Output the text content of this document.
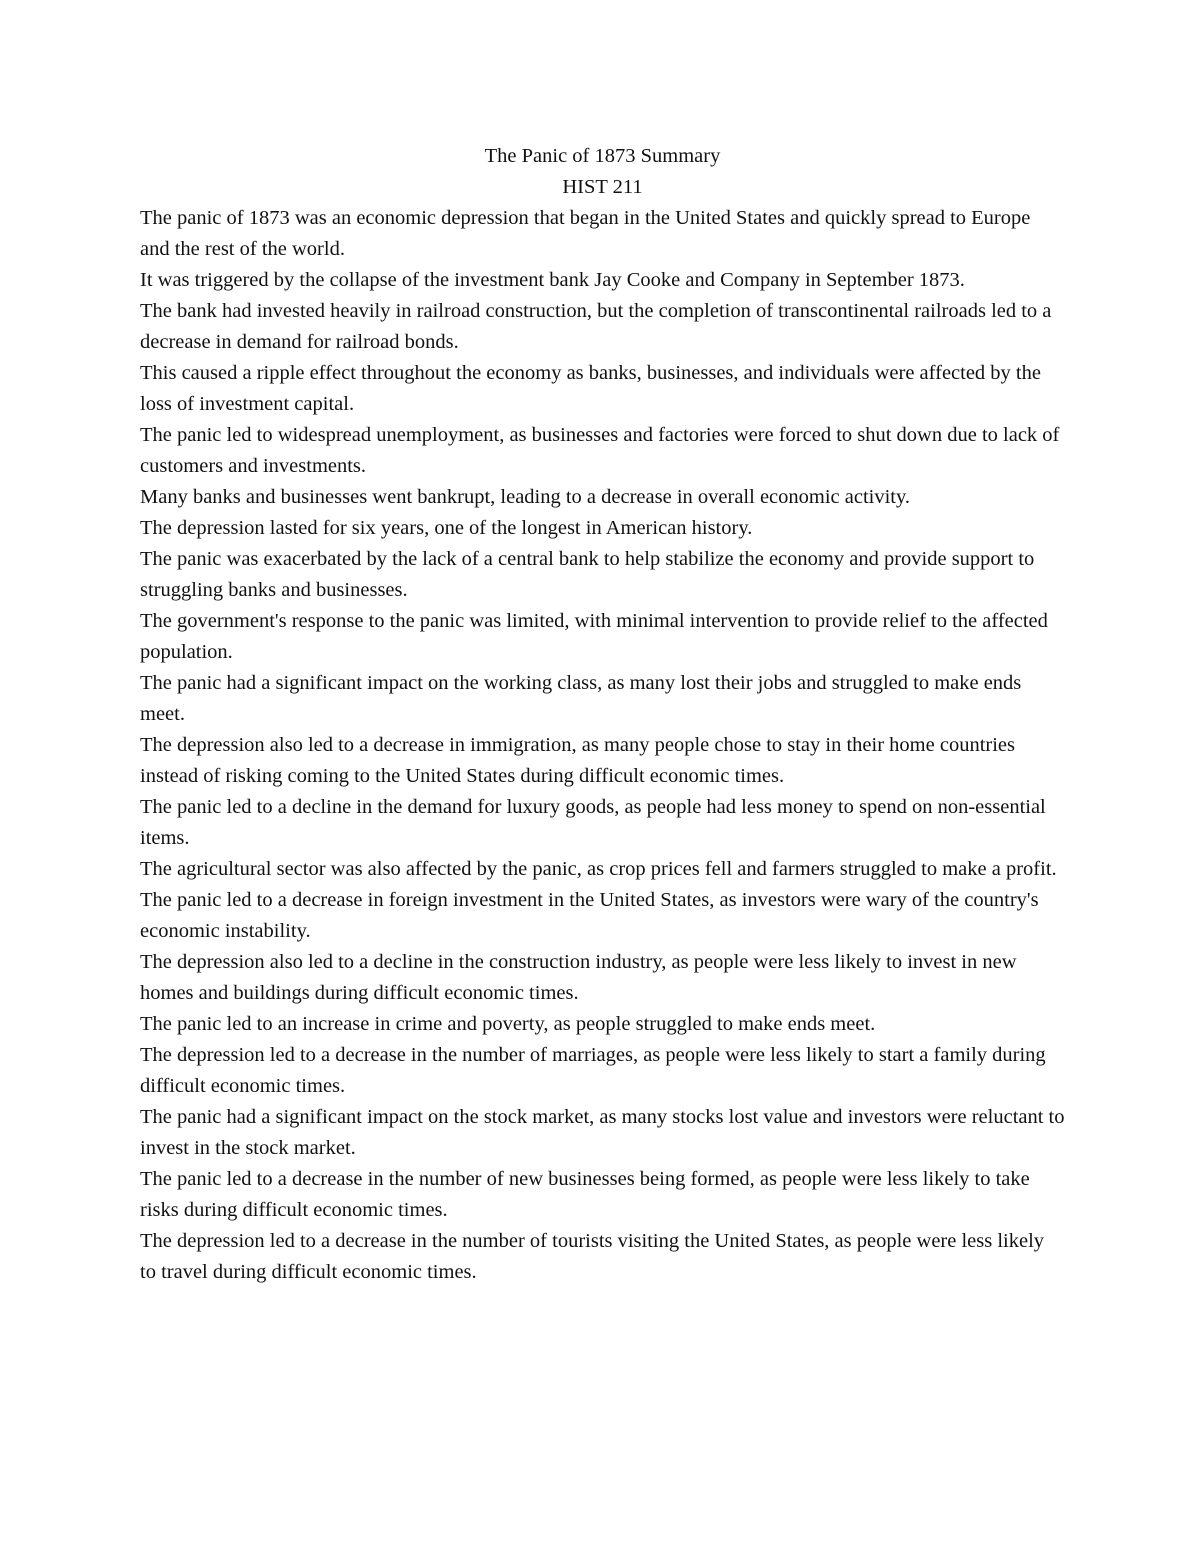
The Panic of 1873 Summary
HIST 211

The panic of 1873 was an economic depression that began in the United States and quickly spread to Europe and the rest of the world.

It was triggered by the collapse of the investment bank Jay Cooke and Company in September 1873.

The bank had invested heavily in railroad construction, but the completion of transcontinental railroads led to a decrease in demand for railroad bonds.

This caused a ripple effect throughout the economy as banks, businesses, and individuals were affected by the loss of investment capital.

The panic led to widespread unemployment, as businesses and factories were forced to shut down due to lack of customers and investments.

Many banks and businesses went bankrupt, leading to a decrease in overall economic activity.

The depression lasted for six years, one of the longest in American history.

The panic was exacerbated by the lack of a central bank to help stabilize the economy and provide support to struggling banks and businesses.

The government's response to the panic was limited, with minimal intervention to provide relief to the affected population.

The panic had a significant impact on the working class, as many lost their jobs and struggled to make ends meet.

The depression also led to a decrease in immigration, as many people chose to stay in their home countries instead of risking coming to the United States during difficult economic times.

The panic led to a decline in the demand for luxury goods, as people had less money to spend on non-essential items.

The agricultural sector was also affected by the panic, as crop prices fell and farmers struggled to make a profit.

The panic led to a decrease in foreign investment in the United States, as investors were wary of the country's economic instability.

The depression also led to a decline in the construction industry, as people were less likely to invest in new homes and buildings during difficult economic times.

The panic led to an increase in crime and poverty, as people struggled to make ends meet.

The depression led to a decrease in the number of marriages, as people were less likely to start a family during difficult economic times.

The panic had a significant impact on the stock market, as many stocks lost value and investors were reluctant to invest in the stock market.

The panic led to a decrease in the number of new businesses being formed, as people were less likely to take risks during difficult economic times.

The depression led to a decrease in the number of tourists visiting the United States, as people were less likely to travel during difficult economic times.
